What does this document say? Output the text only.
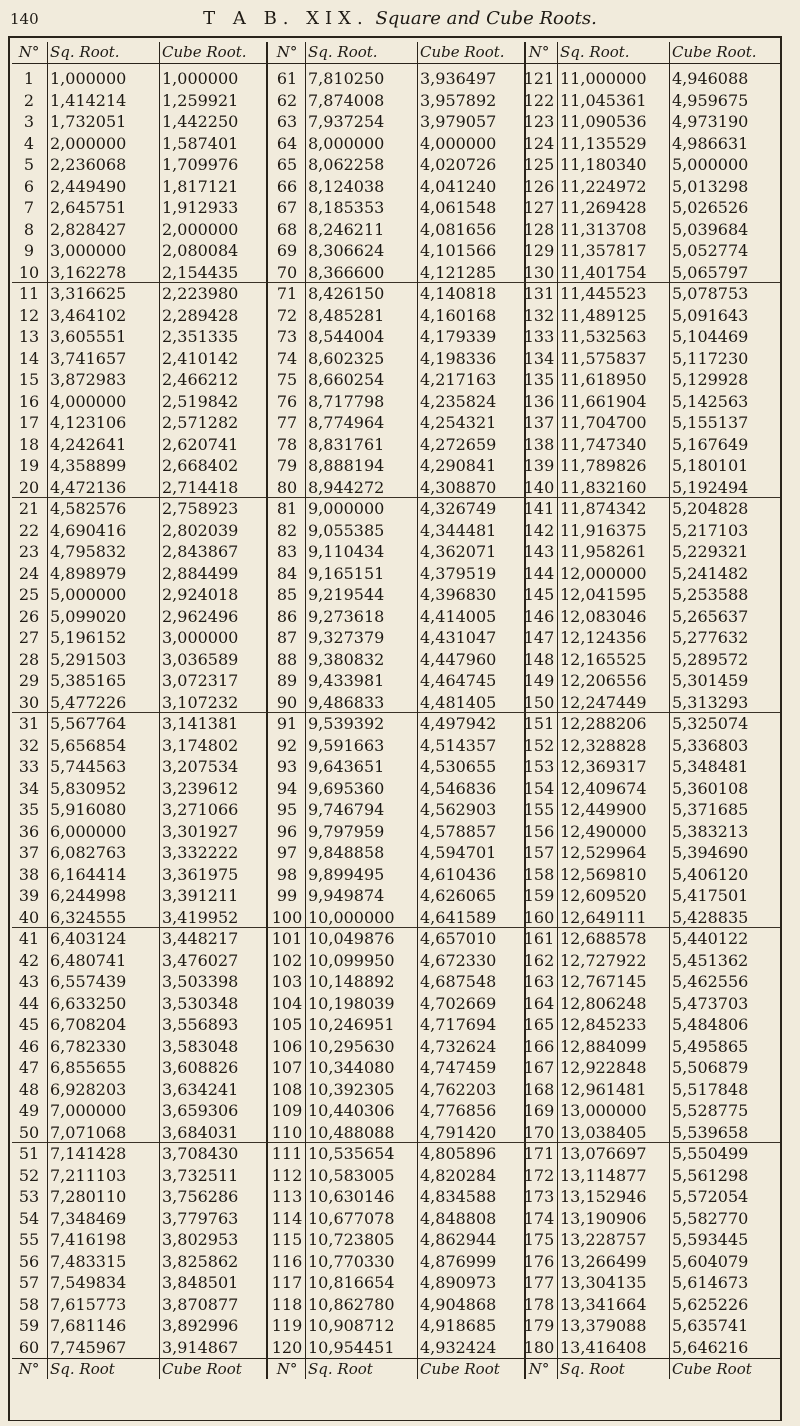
140	T A B. XIX. Square and Cube Roots.
N° Sq. Root.	Cube Root.
1 1,000000	1,000000
2 1,414214	1,259921
3 1,732051	1,442250
4 2,000000	1,587401
5 2,236068	1,709976
6 2,449490	1,817121
7 2,645751	1,912933
8 2,828427	2,000000
9 3,000000	2,080084
10 3,162278	2,154435
11 3,316625	2,223980
12 3,464102	2,289428
13 3,605551	2,351335
14 3,741657	2,410142
15 3,872983	2,466212
16 4,000000	2,519842
17 4,123106	2,571282
18 4,242641	2,620741
19 4,358899	2,668402
20 4,472136	2,714418
21 4,582576	2,758923
22 4,690416	2,802039
23 4,795832	2,843867
24 4,898979	2,884499
25 5,000000	2,924018
26 5,099020	2,962496
27 5,196152	3,000000
28 5,291503	3,036589
29 5,385165	3,072317
30 5,477226	3,107232
31 5,567764	3,141381
32 5,656854	3,174802
33 5,744563	3,207534
34 5,830952	3,239612
35 5,916080	3,271066
36 6,000000	3,301927
37 6,082763	3,332222
38 6,164414	3,361975
39 6,244998	3,391211
40 6,324555	3,419952
41 6,403124	3,448217
42 6,480741	3,476027
43 6,557439	3,503398
44 6,633250	3,530348
45 6,708204	3,556893
46 6,782330	3,583048
47 6,855655	3,608826
48 6,928203	3,634241
49 7,000000	3,659306
50 7,071068	3,684031
51 7,141428	3,708430
52 7,211103	3,732511
53 7,280110	3,756286
54 7,348469	3,779763
55 7,416198	3,802953
56 7,483315	3,825862
57 7,549834	3,848501
58 7,615773	3,870877
59 7,681146	3,892996
60 7,745967	3,914867
N° Sq. Root	Cube Root
N° Sq. Root.	Cube Root.
61 7,810250	3,936497
62 7,874008	3,957892
63 7,937254	3,979057
64 8,000000	4,000000
65 8,062258	4,020726
66 8,124038	4,041240
67 8,185353	4,061548
68 8,246211	4,081656
69 8,306624	4,101566
70 8,366600	4,121285
71 8,426150	4,140818
72 8,485281	4,160168
73 8,544004	4,179339
74 8,602325	4,198336
75 8,660254	4,217163
76 8,717798	4,235824
77 8,774964	4,254321
78 8,831761	4,272659
79 8,888194	4,290841
80 8,944272	4,308870
81 9,000000	4,326749
82 9,055385	4,344481
83 9,110434	4,362071
84 9,165151	4,379519
85 9,219544	4,396830
86 9,273618	4,414005
87 9,327379	4,431047
88 9,380832	4,447960
89 9,433981	4,464745
90 9,486833	4,481405
91 9,539392	4,497942
92 9,591663	4,514357
93 9,643651	4,530655
94 9,695360	4,546836
95 9,746794	4,562903
96 9,797959	4,578857
97 9,848858	4,594701
98 9,899495	4,610436
99 9,949874	4,626065
100 10,000000	4,641589
101 10,049876	4,657010
102 10,099950	4,672330
103 10,148892	4,687548
104 10,198039	4,702669
105 10,246951	4,717694
106 10,295630	4,732624
107 10,344080	4,747459
108 10,392305	4,762203
109 10,440306	4,776856
110 10,488088	4,791420
111 10,535654	4,805896
112 10,583005	4,820284
113 10,630146	4,834588
114 10,677078	4,848808
115 10,723805	4,862944
116 10,770330	4,876999
117 10,816654	4,890973
118 10,862780	4,904868
119 10,908712	4,918685
120 10,954451	4,932424
N° Sq. Root	Cube Root
N° Sq. Root.	Cube Root.
121 11,000000	4,946088
122 11,045361	4,959675
123 11,090536	4,973190
124 11,135529	4,986631
125 11,180340	5,000000
126 11,224972	5,013298
127 11,269428	5,026526
128 11,313708	5,039684
129 11,357817	5,052774
130 11,401754	5,065797
131 11,445523	5,078753
132 11,489125	5,091643
133 11,532563	5,104469
134 11,575837	5,117230
135 11,618950	5,129928
136 11,661904	5,142563
137 11,704700	5,155137
138 11,747340	5,167649
139 11,789826	5,180101
140 11,832160	5,192494
141 11,874342	5,204828
142 11,916375	5,217103
143 11,958261	5,229321
144 12,000000	5,241482
145 12,041595	5,253588
146 12,083046	5,265637
147 12,124356	5,277632
148 12,165525	5,289572
149 12,206556	5,301459
150 12,247449	5,313293
151 12,288206	5,325074
152 12,328828	5,336803
153 12,369317	5,348481
154 12,409674	5,360108
155 12,449900	5,371685
156 12,490000	5,383213
157 12,529964	5,394690
158 12,569810	5,406120
159 12,609520	5,417501
160 12,649111	5,428835
161 12,688578	5,440122
162 12,727922	5,451362
163 12,767145	5,462556
164 12,806248	5,473703
165 12,845233	5,484806
166 12,884099	5,495865
167 12,922848	5,506879
168 12,961481	5,517848
169 13,000000	5,528775
170 13,038405	5,539658
171 13,076697	5,550499
172 13,114877	5,561298
173 13,152946	5,572054
174 13,190906	5,582770
175 13,228757	5,593445
176 13,266499	5,604079
177 13,304135	5,614673
178 13,341664	5,625226
179 13,379088	5,635741
180 13,416408	5,646216
N° Sq. Root	Cube Root
